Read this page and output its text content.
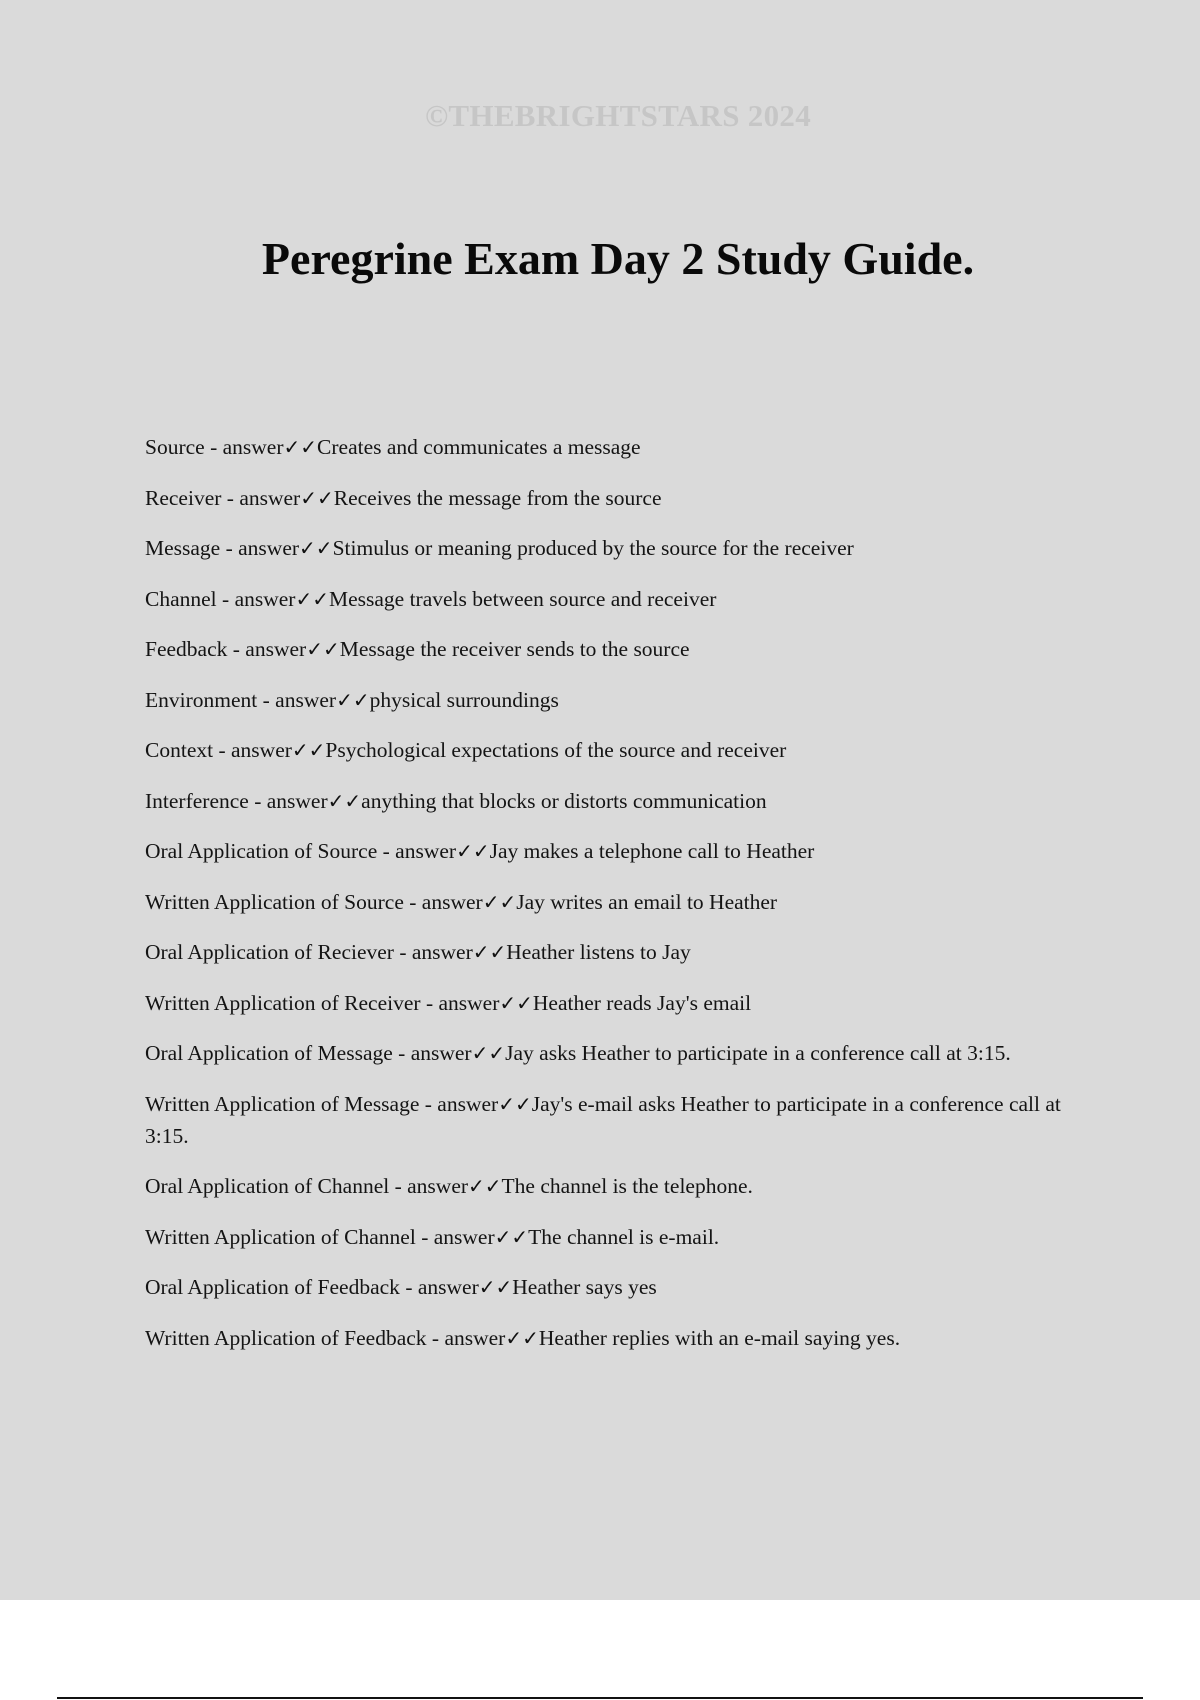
©THEBRIGHTSTARS 2024
Peregrine Exam Day 2 Study Guide.
Source - answer✓✓Creates and communicates a message
Receiver - answer✓✓Receives the message from the source
Message - answer✓✓Stimulus or meaning produced by the source for the receiver
Channel - answer✓✓Message travels between source and receiver
Feedback - answer✓✓Message the receiver sends to the source
Environment - answer✓✓physical surroundings
Context - answer✓✓Psychological expectations of the source and receiver
Interference - answer✓✓anything that blocks or distorts communication
Oral Application of Source - answer✓✓Jay makes a telephone call to Heather
Written Application of Source - answer✓✓Jay writes an email to Heather
Oral Application of Reciever - answer✓✓Heather listens to Jay
Written Application of Receiver - answer✓✓Heather reads Jay's email
Oral Application of Message - answer✓✓Jay asks Heather to participate in a conference call at 3:15.
Written Application of Message - answer✓✓Jay's e-mail asks Heather to participate in a conference call at 3:15.
Oral Application of Channel - answer✓✓The channel is the telephone.
Written Application of Channel - answer✓✓The channel is e-mail.
Oral Application of Feedback - answer✓✓Heather says yes
Written Application of Feedback - answer✓✓Heather replies with an e-mail saying yes.
